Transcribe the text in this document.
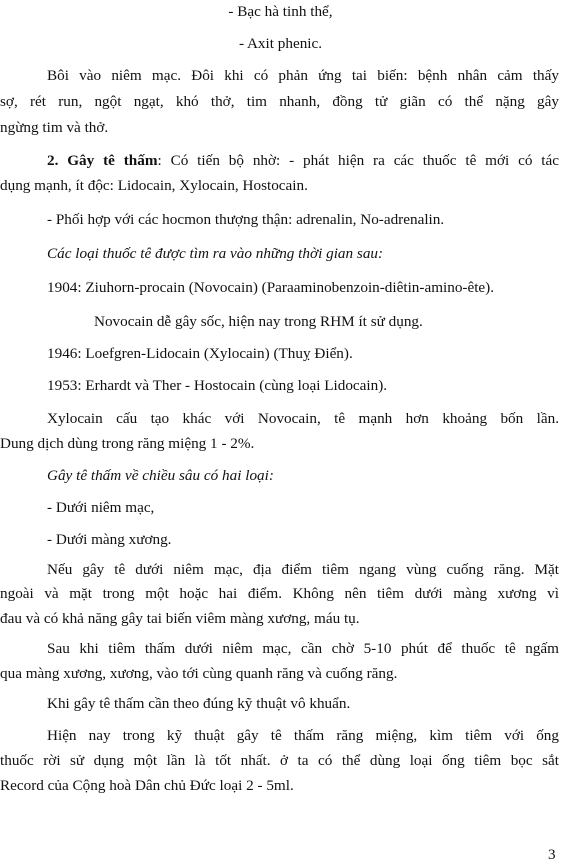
- Bạc hà tinh thể,
- Axit phenic.
Bôi vào niêm mạc. Đôi khi có phản ứng tai biến: bệnh nhân cảm thấy
sợ, rét run, ngột ngạt, khó thở, tim nhanh, đồng tử giãn có thể nặng gây
ngừng tim và thở.
2. Gây tê thấm: Có tiến bộ nhờ: - phát hiện ra các thuốc tê mới có tác
dụng mạnh, ít độc: Lidocain, Xylocain, Hostocain.
- Phối hợp với các hocmon thượng thận: adrenalin, No-adrenalin.
Các loại thuốc tê được tìm ra vào những thời gian sau:
1904: Ziuhorn-procain (Novocain) (Paraaminobenzoin-diêtin-amino-ête).
Novocain dễ gây sốc, hiện nay trong RHM ít sử dụng.
1946: Loefgren-Lidocain (Xylocain) (Thuỵ Điển).
1953: Erhardt và Ther - Hostocain (cùng loại Lidocain).
Xylocain cấu tạo khác với Novocain, tê mạnh hơn khoảng bốn lần.
Dung dịch dùng trong răng miệng 1 - 2%.
Gây tê thấm về chiều sâu có hai loại:
- Dưới niêm mạc,
- Dưới màng xương.
Nếu gây tê dưới niêm mạc, địa điểm tiêm ngang vùng cuống răng. Mặt
ngoài và mặt trong một hoặc hai điểm. Không nên tiêm dưới màng xương vì
đau và có khả năng gây tai biến viêm màng xương, máu tụ.
Sau khi tiêm thấm dưới niêm mạc, cần chờ 5-10 phút để thuốc tê ngấm
qua màng xương, xương, vào tới cùng quanh răng và cuống răng.
Khi gây tê thấm cần theo đúng kỹ thuật vô khuẩn.
Hiện nay trong kỹ thuật gây tê thấm răng miệng, kìm tiêm với ống
thuốc rời sử dụng một lần là tốt nhất. ở ta có thể dùng loại ống tiêm bọc sắt
Record của Cộng hoà Dân chủ Đức loại 2 - 5ml.
3
